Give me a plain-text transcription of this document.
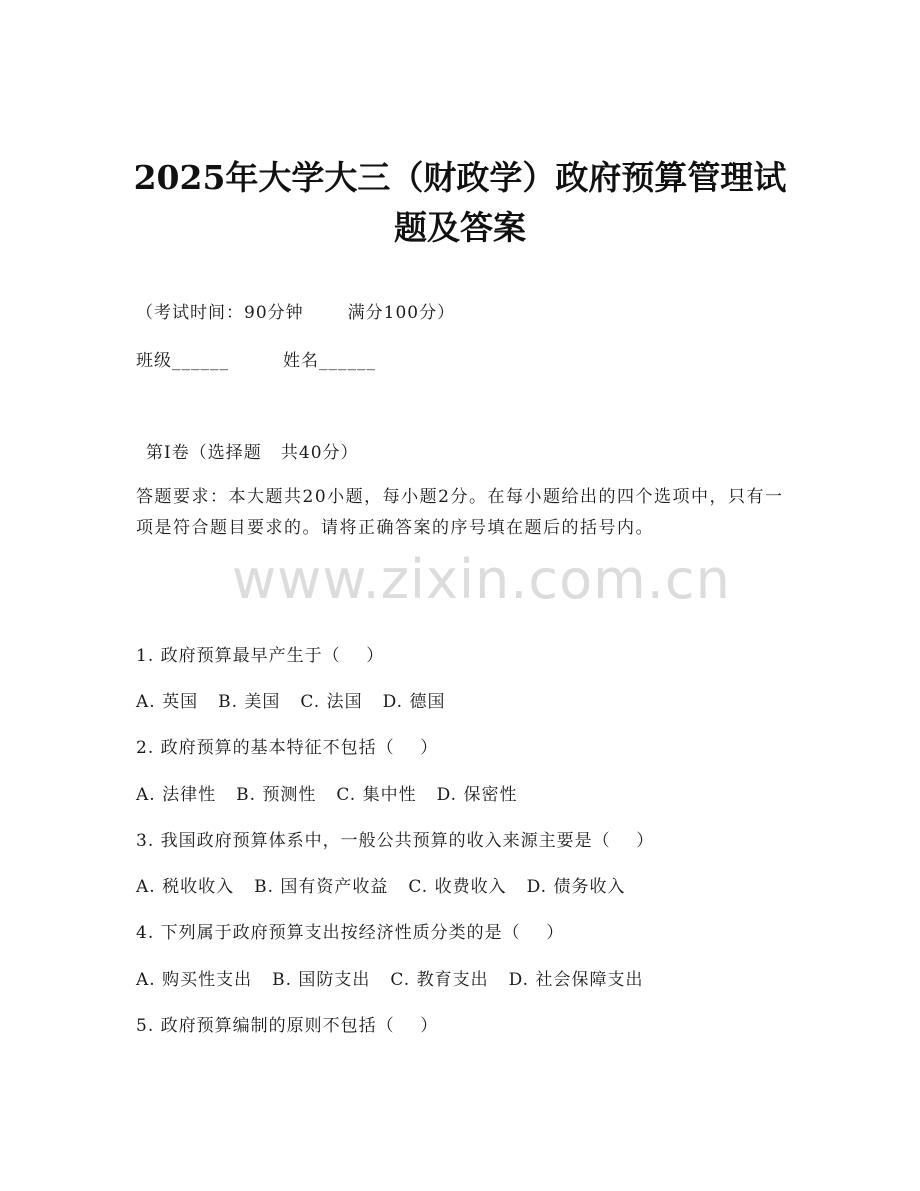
2025年大学大三（财政学）政府预算管理试
题及答案
（考试时间：90分钟	满分100分）
班级______	姓名______
第I卷（选择题   共40分）

答题要求：本大题共20小题，每小题2分。在每小题给出的四个选项中，只有一项是符合题目要求的。请将正确答案的序号填在题后的括号内。

www.zixin.com.cn
1. 政府预算最早产生于（    ）
A. 英国 B. 美国 C. 法国 D. 德国
2. 政府预算的基本特征不包括（    ）
A. 法律性 B. 预测性 C. 集中性 D. 保密性
3. 我国政府预算体系中，一般公共预算的收入来源主要是（    ）
A. 税收收入 B. 国有资产收益 C. 收费收入 D. 债务收入
4. 下列属于政府预算支出按经济性质分类的是（    ）
A. 购买性支出 B. 国防支出 C. 教育支出 D. 社会保障支出
5. 政府预算编制的原则不包括（    ）
